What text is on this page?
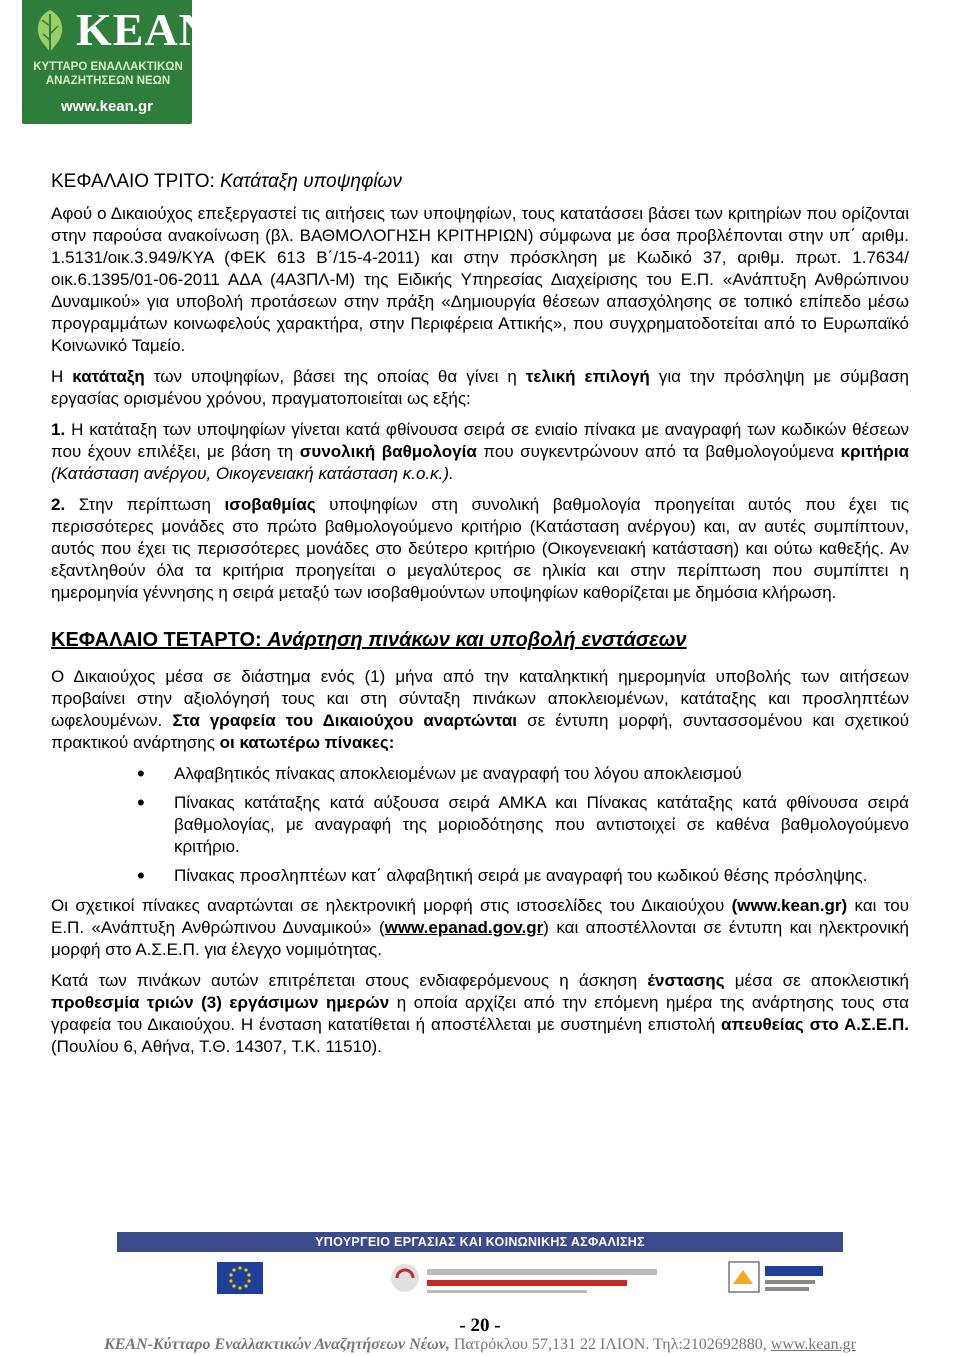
KEAN
ΚΥΤΤΑΡΟ ΕΝΑΛΛΑΚΤΙΚΩΝ ΑΝΑΖΗΤΗΣΕΩΝ ΝΕΩΝ
www.kean.gr
ΚΕΦΑΛΑΙΟ ΤΡΙΤΟ: Κατάταξη υποψηφίων

Αφού ο Δικαιούχος επεξεργαστεί τις αιτήσεις των υποψηφίων, τους κατατάσσει βάσει των κριτηρίων που ορίζονται στην παρούσα ανακοίνωση (βλ. ΒΑΘΜΟΛΟΓΗΣΗ ΚΡΙΤΗΡΙΩΝ) σύμφωνα με όσα προβλέπονται στην υπ΄ αριθμ. 1.5131/οικ.3.949/ΚΥΑ (ΦΕΚ 613 Β΄/15-4-2011) και στην πρόσκληση με Κωδικό 37, αριθμ. πρωτ. 1.7634/ οικ.6.1395/01-06-2011 ΑΔΑ (4Α3ΠΛ-Μ) της Ειδικής Υπηρεσίας Διαχείρισης του Ε.Π. «Ανάπτυξη Ανθρώπινου Δυναμικού» για υποβολή προτάσεων στην πράξη «Δημιουργία θέσεων απασχόλησης σε τοπικό επίπεδο μέσω προγραμμάτων κοινωφελούς χαρακτήρα, στην Περιφέρεια Αττικής», που συγχρηματοδοτείται από το Ευρωπαϊκό Κοινωνικό Ταμείο.

Η κατάταξη των υποψηφίων, βάσει της οποίας θα γίνει η τελική επιλογή για την πρόσληψη με σύμβαση εργασίας ορισμένου χρόνου, πραγματοποιείται ως εξής:

1. Η κατάταξη των υποψηφίων γίνεται κατά φθίνουσα σειρά σε ενιαίο πίνακα με αναγραφή των κωδικών θέσεων που έχουν επιλέξει, με βάση τη συνολική βαθμολογία που συγκεντρώνουν από τα βαθμολογούμενα κριτήρια (Κατάσταση ανέργου, Οικογενειακή κατάσταση κ.ο.κ.).

2. Στην περίπτωση ισοβαθμίας υποψηφίων στη συνολική βαθμολογία προηγείται αυτός που έχει τις περισσότερες μονάδες στο πρώτο βαθμολογούμενο κριτήριο (Κατάσταση ανέργου) και, αν αυτές συμπίπτουν, αυτός που έχει τις περισσότερες μονάδες στο δεύτερο κριτήριο (Οικογενειακή κατάσταση) και ούτω καθεξής. Αν εξαντληθούν όλα τα κριτήρια προηγείται ο μεγαλύτερος σε ηλικία και στην περίπτωση που συμπίπτει η ημερομηνία γέννησης η σειρά μεταξύ των ισοβαθμούντων υποψηφίων καθορίζεται με δημόσια κλήρωση.

ΚΕΦΑΛΑΙΟ ΤΕΤΑΡΤΟ: Ανάρτηση πινάκων και υποβολή ενστάσεων

Ο Δικαιούχος μέσα σε διάστημα ενός (1) μήνα από την καταληκτική ημερομηνία υποβολής των αιτήσεων προβαίνει στην αξιολόγησή τους και στη σύνταξη πινάκων αποκλειομένων, κατάταξης και προσληπτέων ωφελουμένων. Στα γραφεία του Δικαιούχου αναρτώνται σε έντυπη μορφή, συντασσομένου και σχετικού πρακτικού ανάρτησης οι κατωτέρω πίνακες:

• Αλφαβητικός πίνακας αποκλειομένων με αναγραφή του λόγου αποκλεισμού
• Πίνακας κατάταξης κατά αύξουσα σειρά ΑΜΚΑ και Πίνακας κατάταξης κατά φθίνουσα σειρά βαθμολογίας, με αναγραφή της μοριοδότησης που αντιστοιχεί σε καθένα βαθμολογούμενο κριτήριο.
• Πίνακας προσληπτέων κατ΄ αλφαβητική σειρά με αναγραφή του κωδικού θέσης πρόσληψης.

Οι σχετικοί πίνακες αναρτώνται σε ηλεκτρονική μορφή στις ιστοσελίδες του Δικαιούχου (www.kean.gr) και του Ε.Π. «Ανάπτυξη Ανθρώπινου Δυναμικού» (www.epanad.gov.gr) και αποστέλλονται σε έντυπη και ηλεκτρονική μορφή στο Α.Σ.Ε.Π. για έλεγχο νομιμότητας.

Κατά των πινάκων αυτών επιτρέπεται στους ενδιαφερόμενους η άσκηση ένστασης μέσα σε αποκλειστική προθεσμία τριών (3) εργάσιμων ημερών η οποία αρχίζει από την επόμενη ημέρα της ανάρτησης τους στα γραφεία του Δικαιούχου. Η ένσταση κατατίθεται ή αποστέλλεται με συστημένη επιστολή απευθείας στο Α.Σ.Ε.Π. (Πουλίου 6, Αθήνα, Τ.Θ. 14307, Τ.Κ. 11510).

ΥΠΟΥΡΓΕΙΟ ΕΡΓΑΣΙΑΣ ΚΑΙ ΚΟΙΝΩΝΙΚΗΣ ΑΣΦΑΛΙΣΗΣ
- 20 -
ΚΕΑΝ-Κύτταρο Εναλλακτικών Αναζητήσεων Νέων, Πατρόκλου 57,131 22 ΙΛΙΟΝ. Τηλ:2102692880, www.kean.gr
